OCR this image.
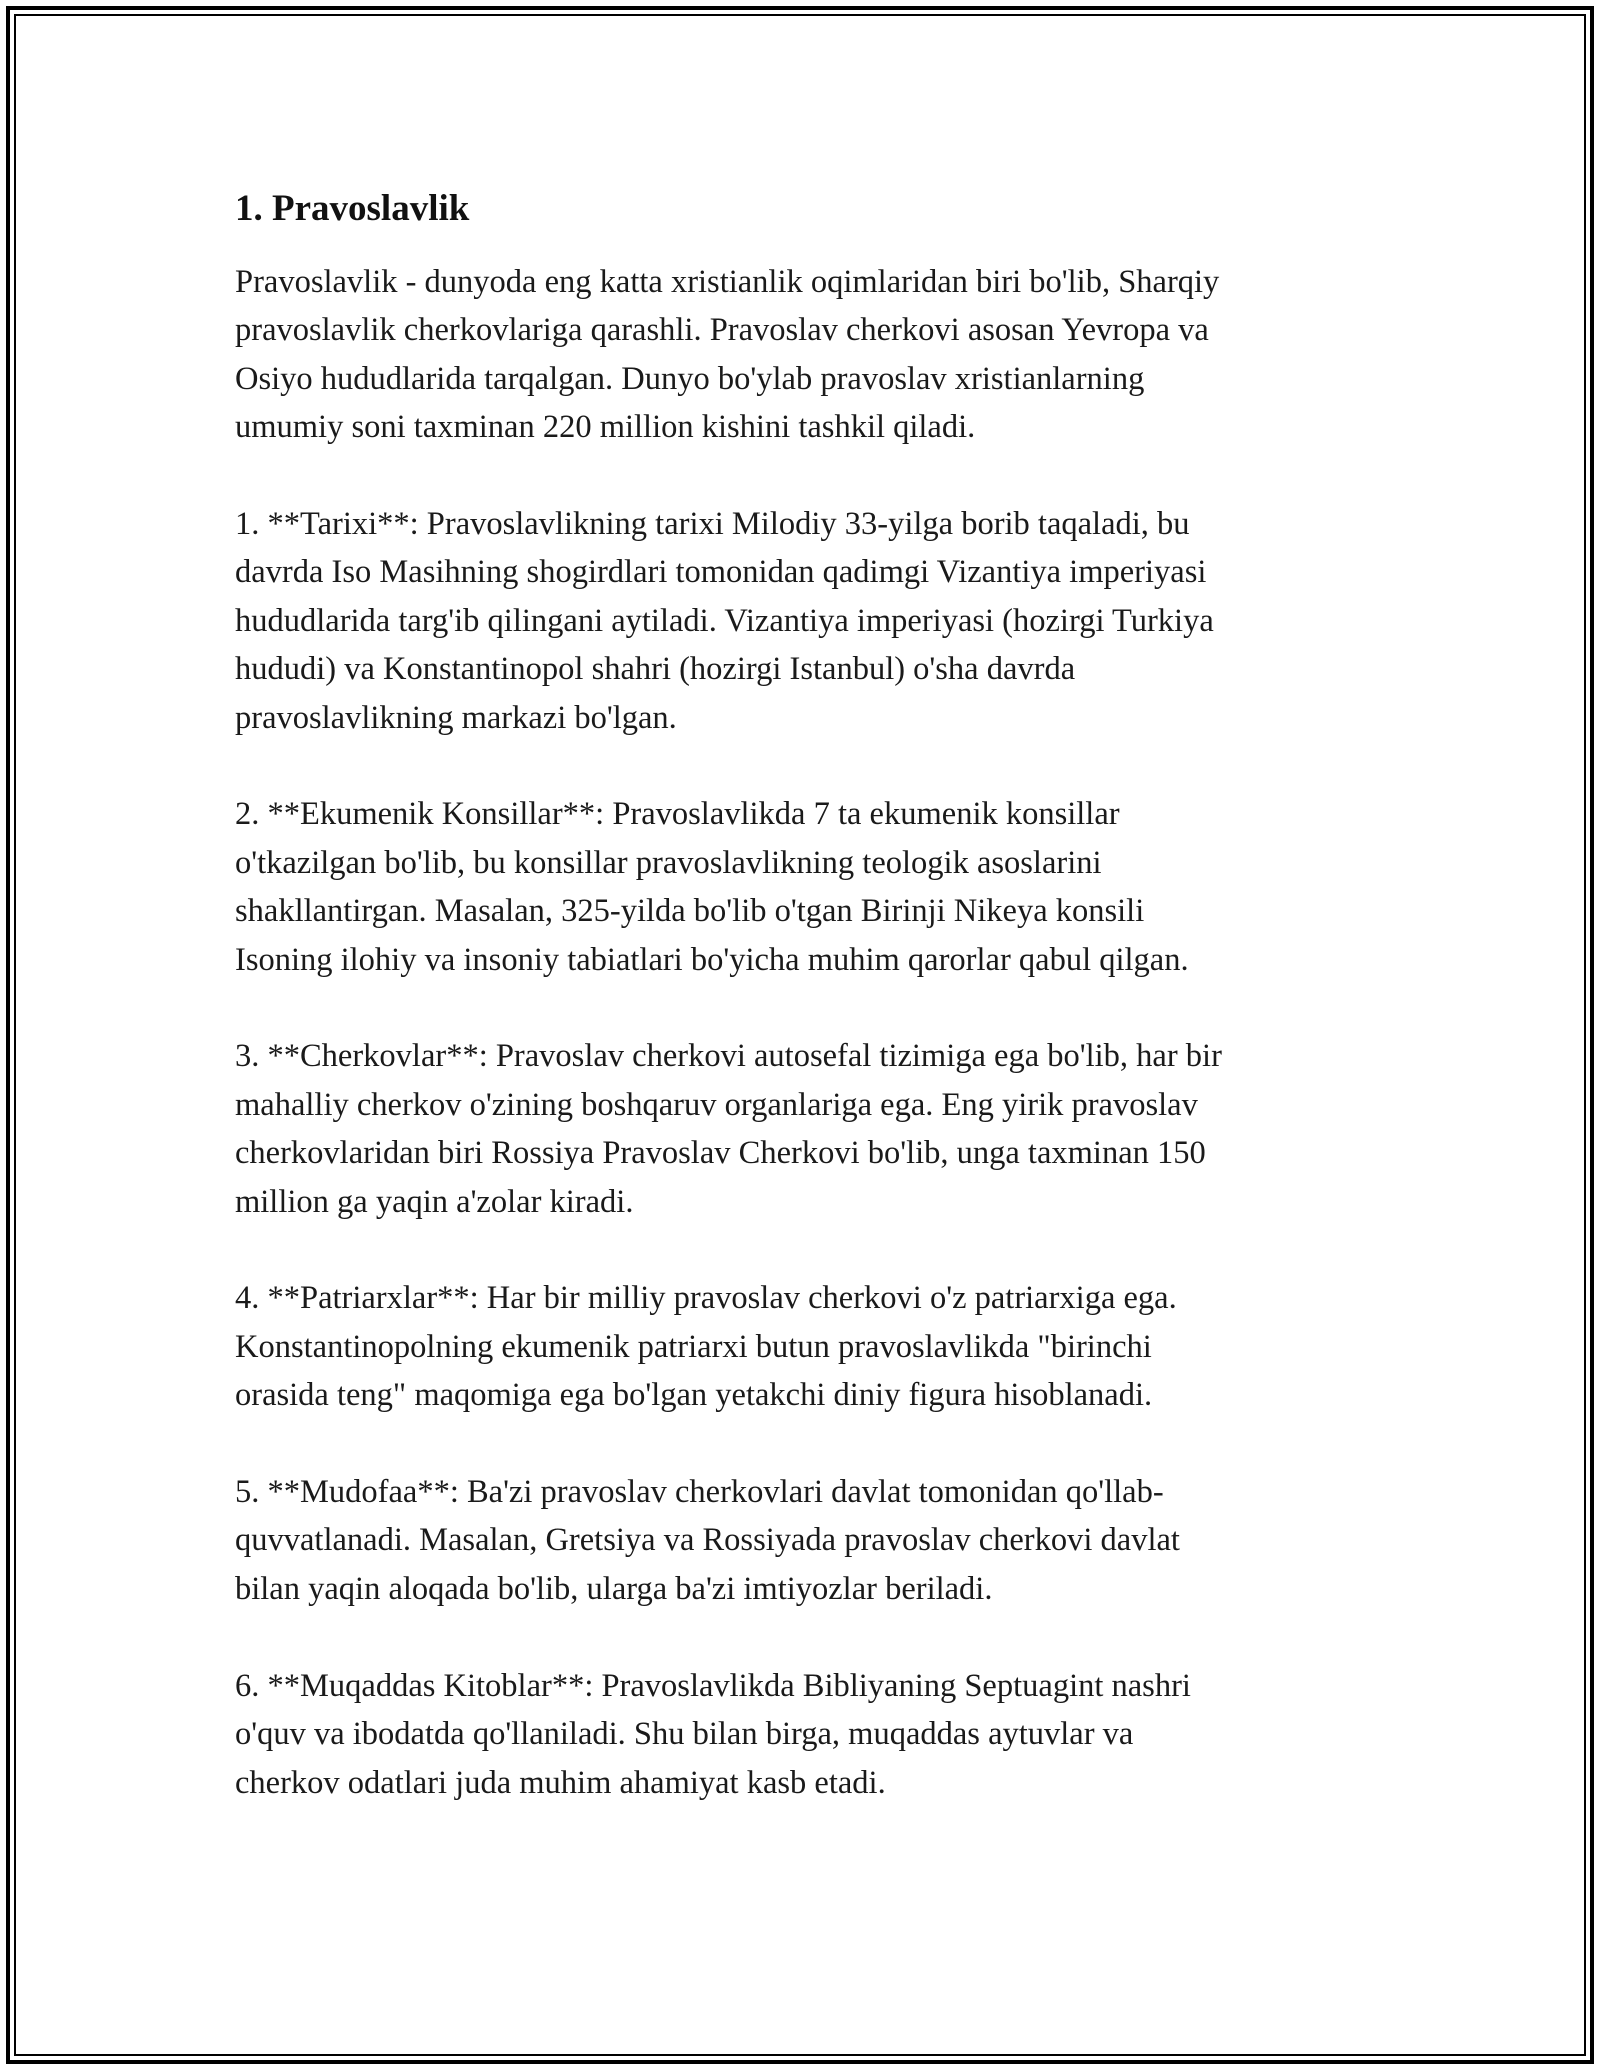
1. Pravoslavlik

Pravoslavlik - dunyoda eng katta xristianlik oqimlaridan biri bo'lib, Sharqiy
pravoslavlik cherkovlariga qarashli. Pravoslav cherkovi asosan Yevropa va
Osiyo hududlarida tarqalgan. Dunyo bo'ylab pravoslav xristianlarning
umumiy soni taxminan 220 million kishini tashkil qiladi.

1. **Tarixi**: Pravoslavlikning tarixi Milodiy 33-yilga borib taqaladi, bu
davrda Iso Masihning shogirdlari tomonidan qadimgi Vizantiya imperiyasi
hududlarida targ'ib qilingani aytiladi. Vizantiya imperiyasi (hozirgi Turkiya
hududi) va Konstantinopol shahri (hozirgi Istanbul) o'sha davrda
pravoslavlikning markazi bo'lgan.

2. **Ekumenik Konsillar**: Pravoslavlikda 7 ta ekumenik konsillar
o'tkazilgan bo'lib, bu konsillar pravoslavlikning teologik asoslarini
shakllantirgan. Masalan, 325-yilda bo'lib o'tgan Birinji Nikeya konsili
Isoning ilohiy va insoniy tabiatlari bo'yicha muhim qarorlar qabul qilgan.

3. **Cherkovlar**: Pravoslav cherkovi autosefal tizimiga ega bo'lib, har bir
mahalliy cherkov o'zining boshqaruv organlariga ega. Eng yirik pravoslav
cherkovlaridan biri Rossiya Pravoslav Cherkovi bo'lib, unga taxminan 150
million ga yaqin a'zolar kiradi.

4. **Patriarxlar**: Har bir milliy pravoslav cherkovi o'z patriarxiga ega.
Konstantinopolning ekumenik patriarxi butun pravoslavlikda "birinchi
orasida teng" maqomiga ega bo'lgan yetakchi diniy figura hisoblanadi.

5. **Mudofaa**: Ba'zi pravoslav cherkovlari davlat tomonidan qo'llab-
quvvatlanadi. Masalan, Gretsiya va Rossiyada pravoslav cherkovi davlat
bilan yaqin aloqada bo'lib, ularga ba'zi imtiyozlar beriladi.

6. **Muqaddas Kitoblar**: Pravoslavlikda Bibliyaning Septuagint nashri
o'quv va ibodatda qo'llaniladi. Shu bilan birga, muqaddas aytuvlar va
cherkov odatlari juda muhim ahamiyat kasb etadi.
